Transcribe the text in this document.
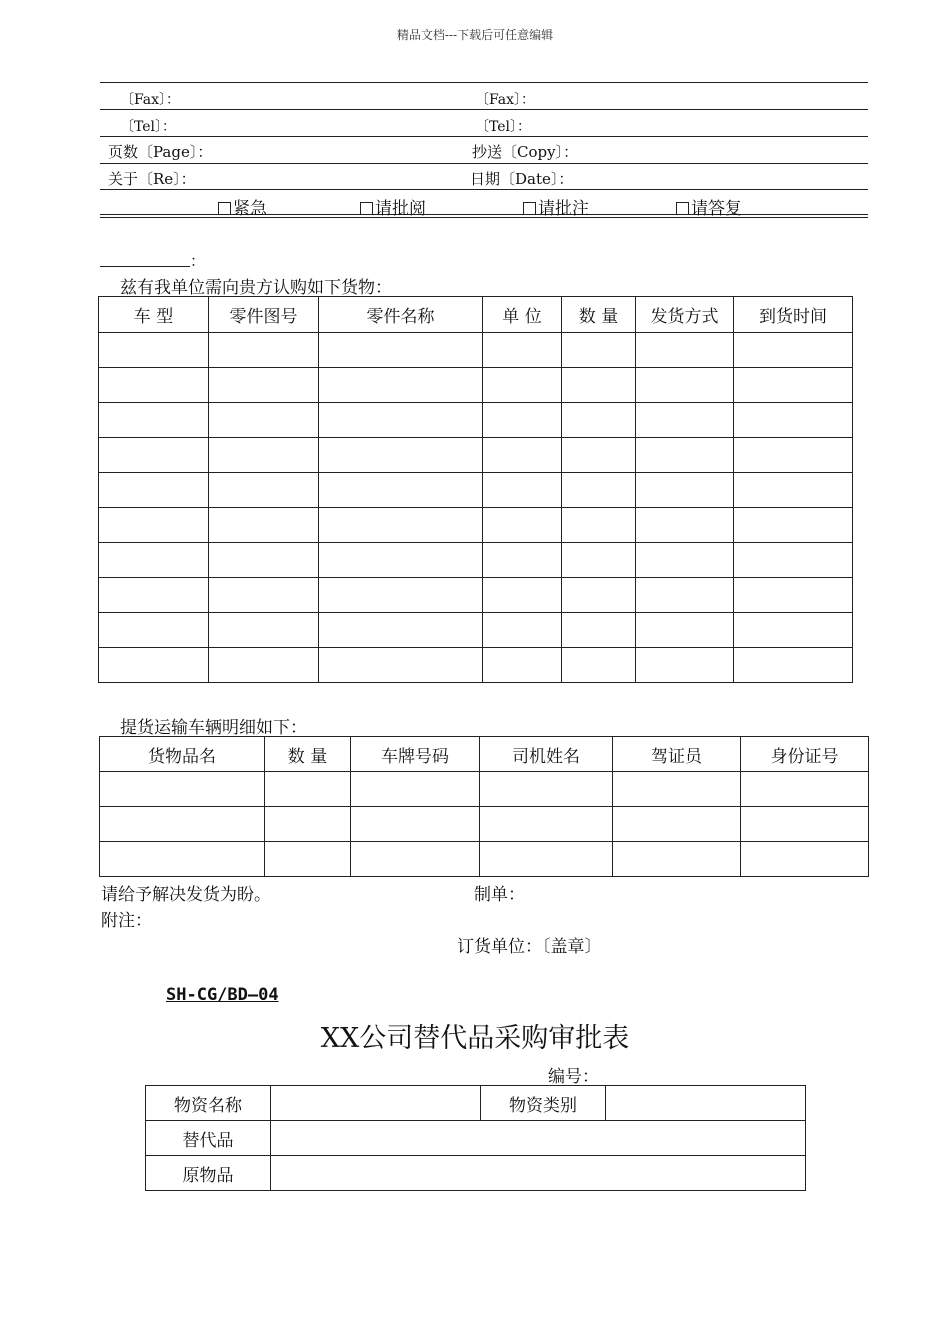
精品文档---下载后可任意编辑
〔Fax〕：	〔Fax〕：
〔Tel〕：	〔Tel〕：
页数〔Page〕：	抄送〔Copy〕：
关于〔Re〕：	日期〔Date〕：
紧急	请批阅	请批注	请答复
：
兹有我单位需向贵方认购如下货物：
车 型	零件图号	零件名称	单 位	数 量	发货方式	到货时间

提货运输车辆明细如下：
货物品名	数 量	车牌号码	司机姓名	驾证员	身份证号

请给予解决发货为盼。	制单：
附注：
订货单位：〔盖章〕
SH-CG/BD—04
XX公司替代品采购审批表
编号：
物资名称		物资类别	
替代品			
原物品			
